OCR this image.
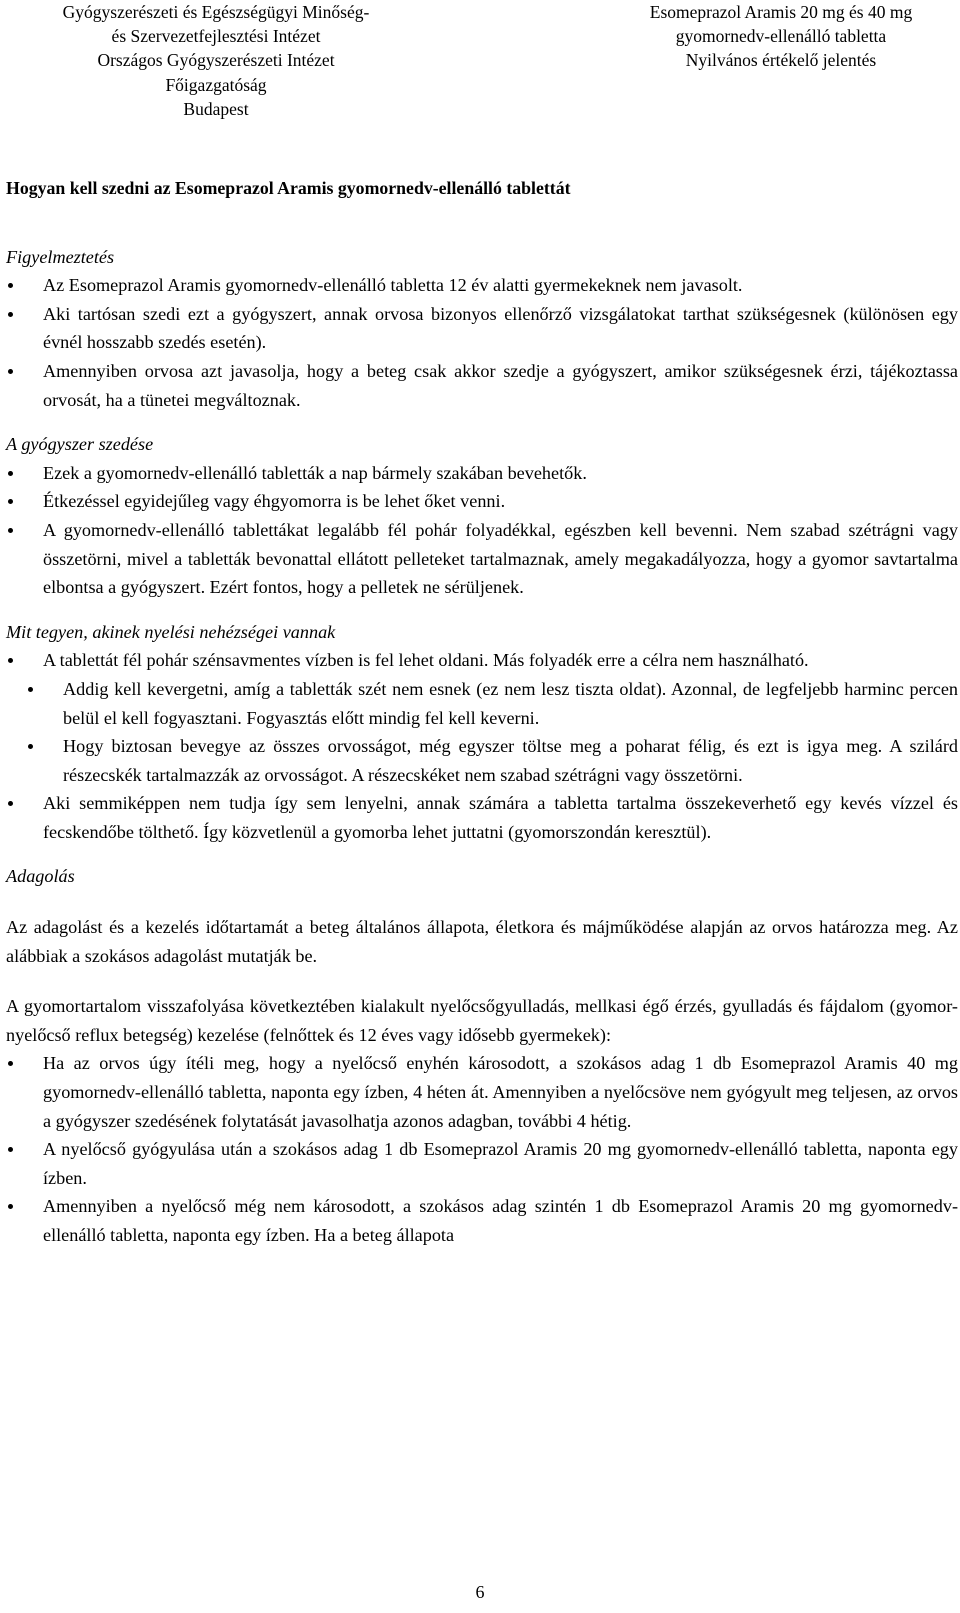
Gyógyszerészeti és Egészségügyi Minőség-
és Szervezetfejlesztési Intézet
Országos Gyógyszerészeti Intézet
Főigazgatóság
Budapest
Esomeprazol Aramis 20 mg és 40 mg
gyomornedv-ellenálló tabletta
Nyilvános értékelő jelentés

Hogyan kell szedni az Esomeprazol Aramis gyomornedv-ellenálló tablettát

Figyelmeztetés

Az Esomeprazol Aramis gyomornedv-ellenálló tabletta 12 év alatti gyermekeknek nem javasolt.
Aki tartósan szedi ezt a gyógyszert, annak orvosa bizonyos ellenőrző vizsgálatokat tarthat szükségesnek (különösen egy évnél hosszabb szedés esetén).
Amennyiben orvosa azt javasolja, hogy a beteg csak akkor szedje a gyógyszert, amikor szükségesnek érzi, tájékoztassa orvosát, ha a tünetei megváltoznak.

A gyógyszer szedése

Ezek a gyomornedv-ellenálló tabletták a nap bármely szakában bevehetők.
Étkezéssel egyidejűleg vagy éhgyomorra is be lehet őket venni.
A gyomornedv-ellenálló tablettákat legalább fél pohár folyadékkal, egészben kell bevenni. Nem szabad szétrágni vagy összetörni, mivel a tabletták bevonattal ellátott pelleteket tartalmaznak, amely megakadályozza, hogy a gyomor savtartalma elbontsa a gyógyszert. Ezért fontos, hogy a pelletek ne sérüljenek.

Mit tegyen, akinek nyelési nehézségei vannak

A tablettát fél pohár szénsavmentes vízben is fel lehet oldani. Más folyadék erre a célra nem használható.
Addig kell kevergetni, amíg a tabletták szét nem esnek (ez nem lesz tiszta oldat). Azonnal, de legfeljebb harminc percen belül el kell fogyasztani. Fogyasztás előtt mindig fel kell keverni.
Hogy biztosan bevegye az összes orvosságot, még egyszer töltse meg a poharat félig, és ezt is igya meg. A szilárd részecskék tartalmazzák az orvosságot. A részecskéket nem szabad szétrágni vagy összetörni.
Aki semmiképpen nem tudja így sem lenyelni, annak számára a tabletta tartalma összekeverhető egy kevés vízzel és fecskendőbe tölthető. Így közvetlenül a gyomorba lehet juttatni (gyomorszondán keresztül).

Adagolás

Az adagolást és a kezelés időtartamát a beteg általános állapota, életkora és májműködése alapján az orvos határozza meg. Az alábbiak a szokásos adagolást mutatják be.

A gyomortartalom visszafolyása következtében kialakult nyelőcsőgyulladás, mellkasi égő érzés, gyulladás és fájdalom (gyomor-nyelőcső reflux betegség) kezelése (felnőttek és 12 éves vagy idősebb gyermekek):

Ha az orvos úgy ítéli meg, hogy a nyelőcső enyhén károsodott, a szokásos adag 1 db Esomeprazol Aramis 40 mg gyomornedv-ellenálló tabletta, naponta egy ízben, 4 héten át. Amennyiben a nyelőcsöve nem gyógyult meg teljesen, az orvos a gyógyszer szedésének folytatását javasolhatja azonos adagban, további 4 hétig.
A nyelőcső gyógyulása után a szokásos adag 1 db Esomeprazol Aramis 20 mg gyomornedv-ellenálló tabletta, naponta egy ízben.
Amennyiben a nyelőcső még nem károsodott, a szokásos adag szintén 1 db Esomeprazol Aramis 20 mg gyomornedv-ellenálló tabletta, naponta egy ízben. Ha a beteg állapota
6
